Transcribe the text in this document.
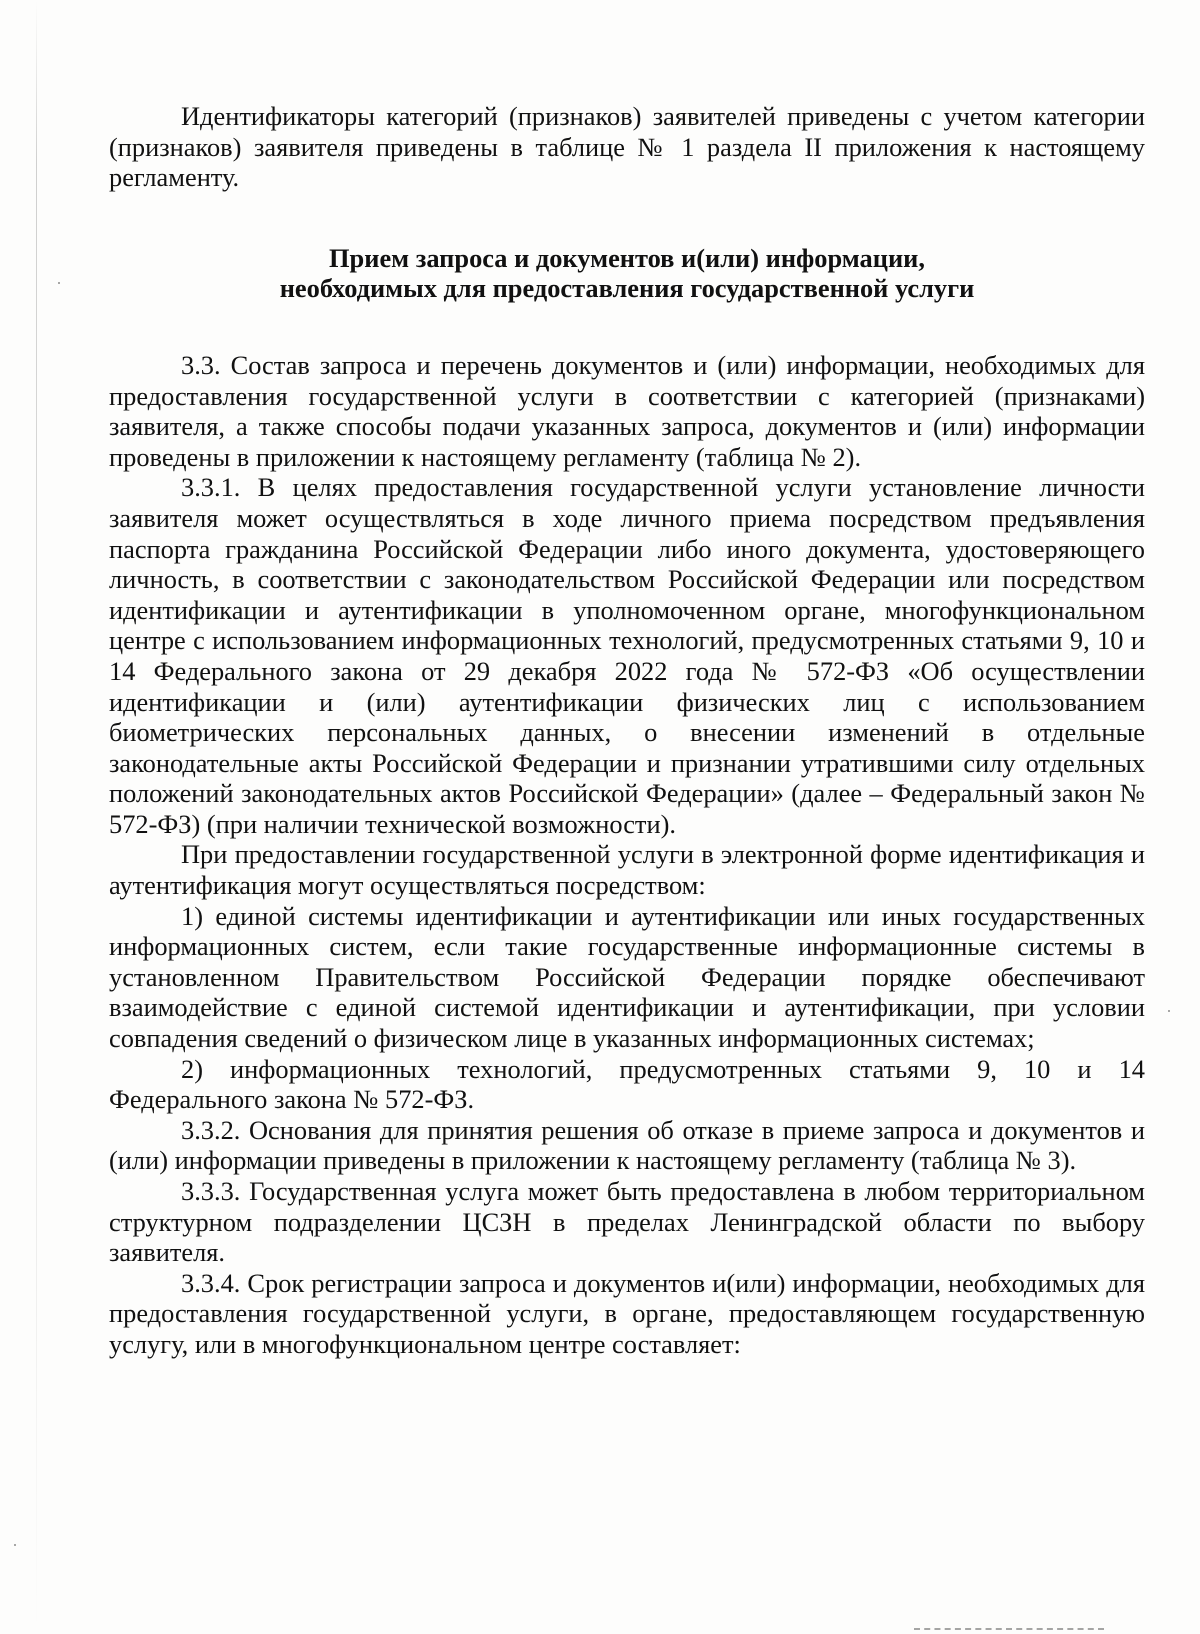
Идентификаторы категорий (признаков) заявителей приведены с учетом категории (признаков) заявителя приведены в таблице № 1 раздела II приложения к настоящему регламенту.

Прием запроса и документов и(или) информации,
необходимых для предоставления государственной услуги

3.3. Состав запроса и перечень документов и (или) информации, необходимых для предоставления государственной услуги в соответствии с категорией (признаками) заявителя, а также способы подачи указанных запроса, документов и (или) информации проведены в приложении к настоящему регламенту (таблица № 2).

3.3.1. В целях предоставления государственной услуги установление личности заявителя может осуществляться в ходе личного приема посредством предъявления паспорта гражданина Российской Федерации либо иного документа, удостоверяющего личность, в соответствии с законодательством Российской Федерации или посредством идентификации и аутентификации в уполномоченном органе, многофункциональном центре с использованием информационных технологий, предусмотренных статьями 9, 10 и 14 Федерального закона от 29 декабря 2022 года № 572-ФЗ «Об осуществлении идентификации и (или) аутентификации физических лиц с использованием биометрических персональных данных, о внесении изменений в отдельные законодательные акты Российской Федерации и признании утратившими силу отдельных положений законодательных актов Российской Федерации» (далее – Федеральный закон № 572-ФЗ) (при наличии технической возможности).

При предоставлении государственной услуги в электронной форме идентификация и аутентификация могут осуществляться посредством:

1) единой системы идентификации и аутентификации или иных государственных информационных систем, если такие государственные информационные системы в установленном Правительством Российской Федерации порядке обеспечивают взаимодействие с единой системой идентификации и аутентификации, при условии совпадения сведений о физическом лице в указанных информационных системах;

2) информационных технологий, предусмотренных статьями 9, 10 и 14 Федерального закона № 572-ФЗ.

3.3.2. Основания для принятия решения об отказе в приеме запроса и документов и (или) информации приведены в приложении к настоящему регламенту (таблица № 3).

3.3.3. Государственная услуга может быть предоставлена в любом территориальном структурном подразделении ЦСЗН в пределах Ленинградской области по выбору заявителя.

3.3.4. Срок регистрации запроса и документов и(или) информации, необходимых для предоставления государственной услуги, в органе, предоставляющем государственную услугу, или в многофункциональном центре составляет:
